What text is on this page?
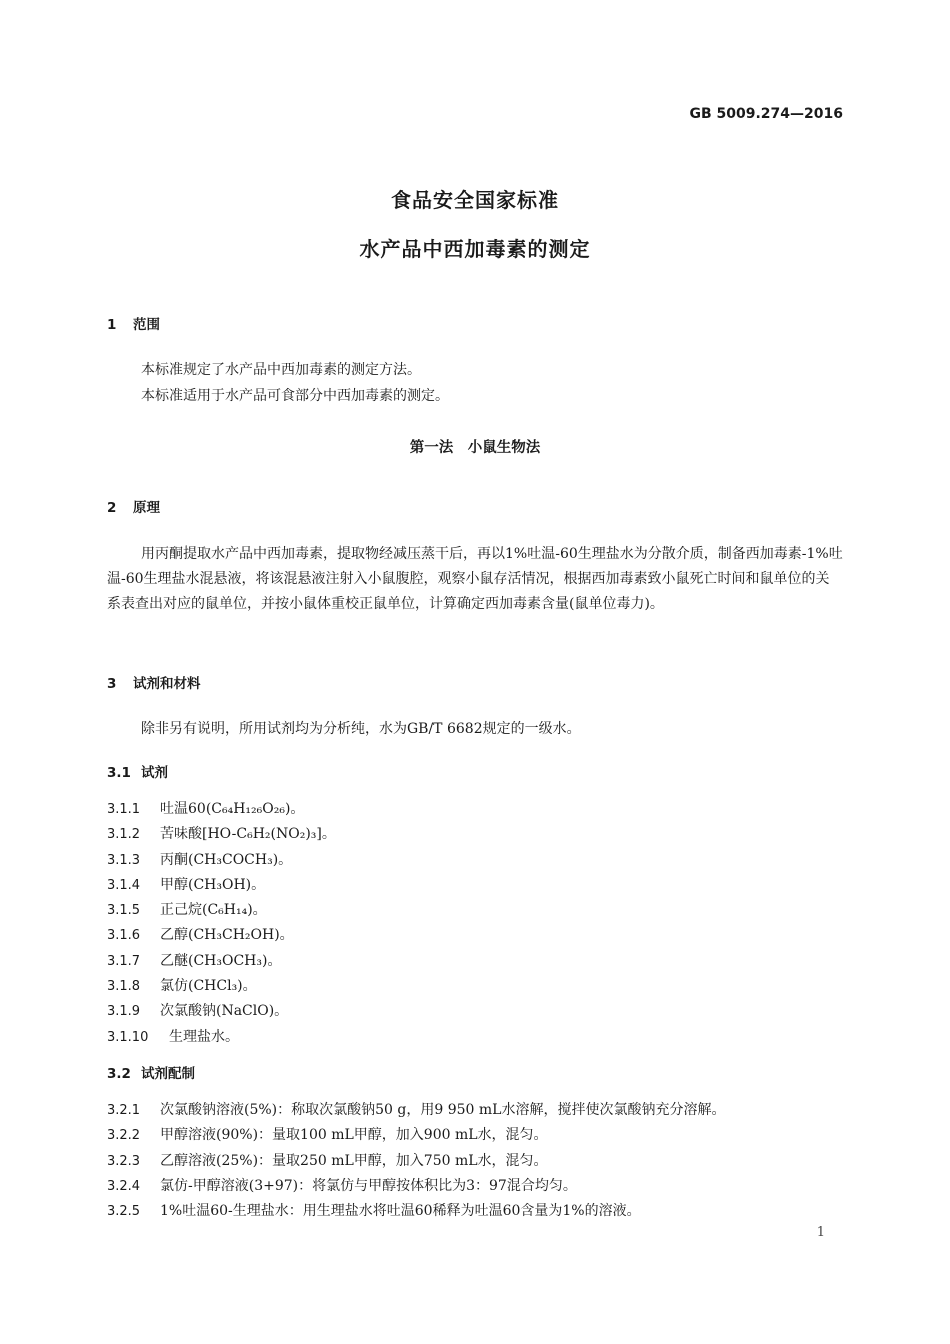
GB 5009.274—2016
食品安全国家标准
水产品中西加毒素的测定
1 范围
本标准规定了水产品中西加毒素的测定方法。
本标准适用于水产品可食部分中西加毒素的测定。
第一法　小鼠生物法
2 原理
用丙酮提取水产品中西加毒素，提取物经减压蒸干后，再以1%吐温-60生理盐水为分散介质，制备西加毒素-1%吐温-60生理盐水混悬液，将该混悬液注射入小鼠腹腔，观察小鼠存活情况，根据西加毒素致小鼠死亡时间和鼠单位的关系表查出对应的鼠单位，并按小鼠体重校正鼠单位，计算确定西加毒素含量(鼠单位毒力)。
3 试剂和材料
除非另有说明，所用试剂均为分析纯，水为GB/T 6682规定的一级水。
3.1 试剂
3.1.1 吐温60(C₆₄H₁₂₆O₂₆)。
3.1.2 苦味酸[HO-C₆H₂(NO₂)₃]。
3.1.3 丙酮(CH₃COCH₃)。
3.1.4 甲醇(CH₃OH)。
3.1.5 正己烷(C₆H₁₄)。
3.1.6 乙醇(CH₃CH₂OH)。
3.1.7 乙醚(CH₃OCH₃)。
3.1.8 氯仿(CHCl₃)。
3.1.9 次氯酸钠(NaClO)。
3.1.10 生理盐水。
3.2 试剂配制
3.2.1 次氯酸钠溶液(5%)：称取次氯酸钠50 g，用9 950 mL水溶解，搅拌使次氯酸钠充分溶解。
3.2.2 甲醇溶液(90%)：量取100 mL甲醇，加入900 mL水，混匀。
3.2.3 乙醇溶液(25%)：量取250 mL甲醇，加入750 mL水，混匀。
3.2.4 氯仿-甲醇溶液(3+97)：将氯仿与甲醇按体积比为3：97混合均匀。
3.2.5 1%吐温60-生理盐水：用生理盐水将吐温60稀释为吐温60含量为1%的溶液。
1
